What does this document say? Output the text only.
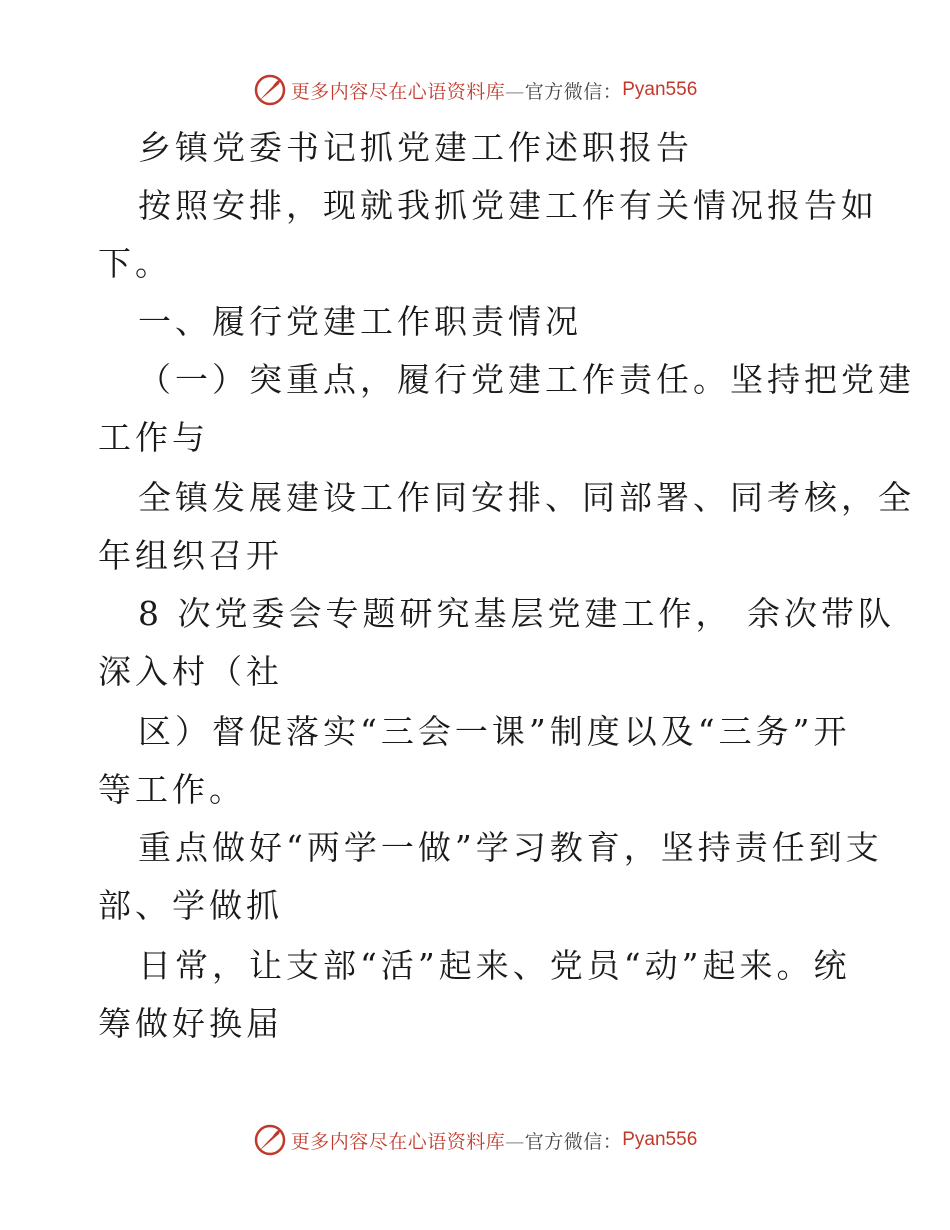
更多内容尽在心语资料库—官方微信： Pyan556
乡镇党委书记抓党建工作述职报告
按照安排，现就我抓党建工作有关情况报告如
下。
一、履行党建工作职责情况
（一）突重点，履行党建工作责任。坚持把党建
工作与
全镇发展建设工作同安排、同部署、同考核，全
年组织召开
8 次党委会专题研究基层党建工作， 余次带队
深入村（社
区）督促落实“三会一课”制度以及“三务”开
等工作。
重点做好“两学一做”学习教育，坚持责任到支
部、学做抓
日常，让支部“活”起来、党员“动”起来。统
筹做好换届
更多内容尽在心语资料库—官方微信： Pyan556
